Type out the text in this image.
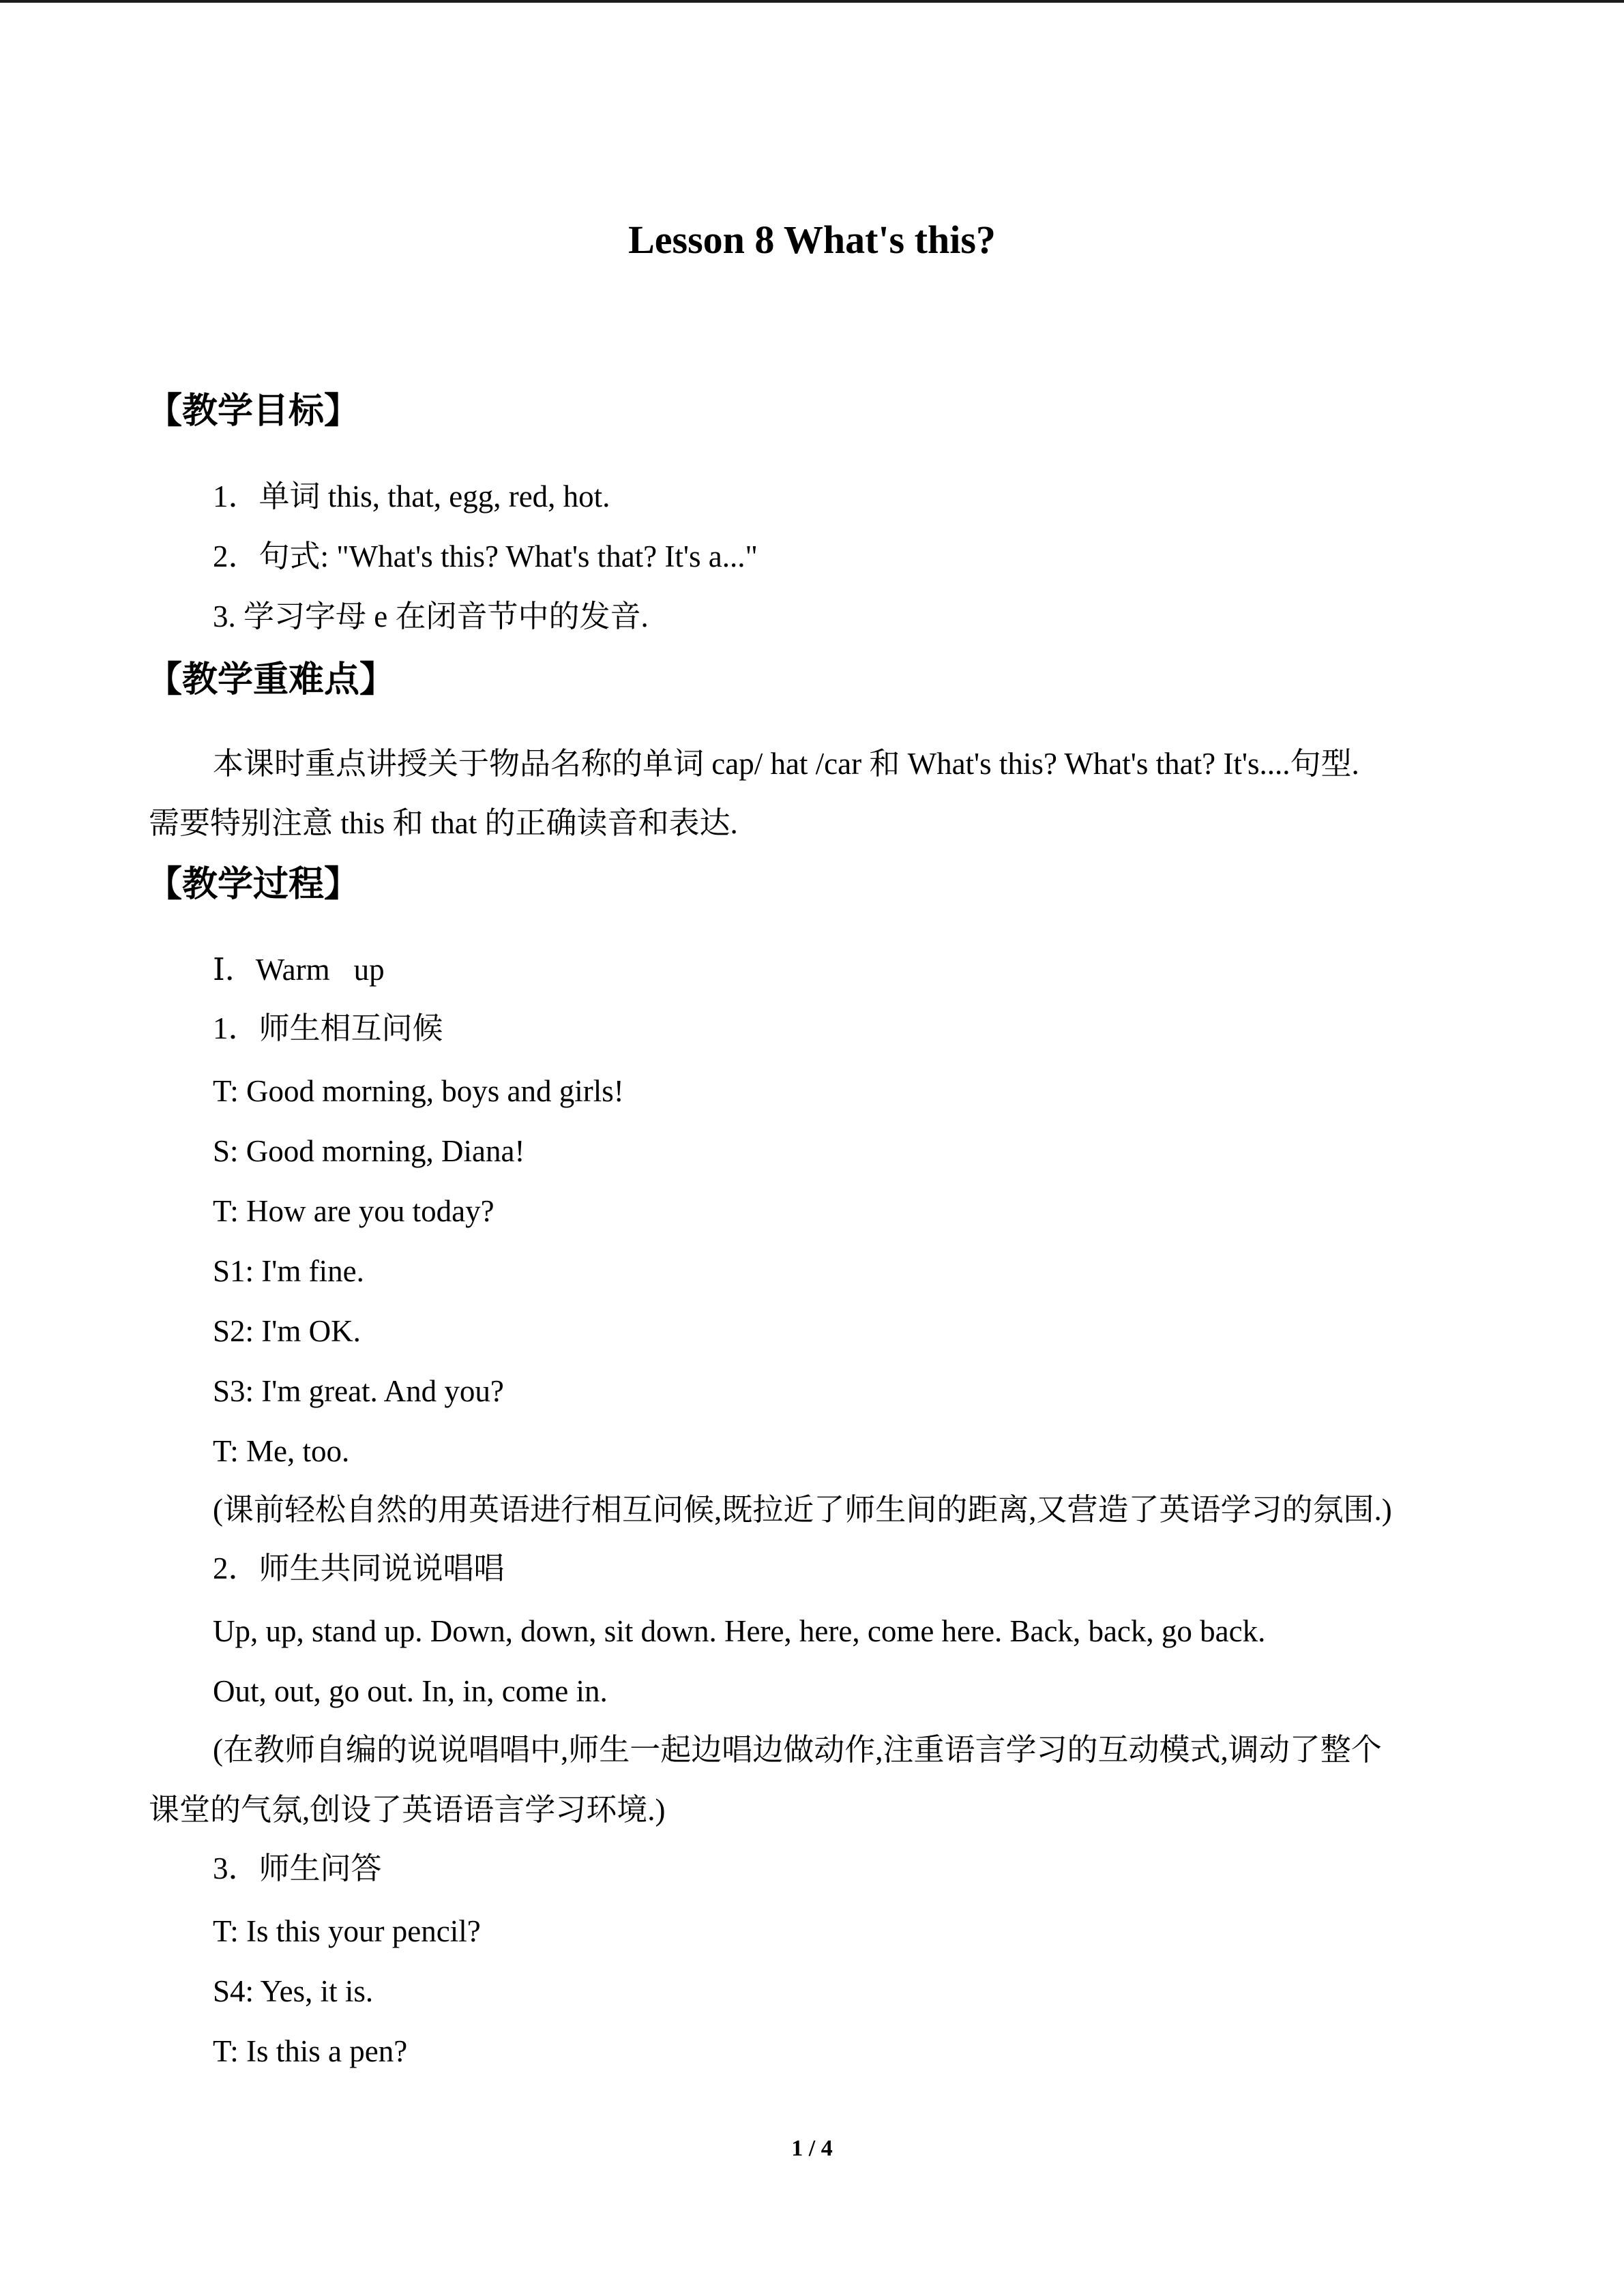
Lesson 8 What's this?
【教学目标】
1．单词 this, that, egg, red, hot.
2．句式: "What's this? What's that? It's a..."
3. 学习字母 e 在闭音节中的发音.
【教学重难点】
本课时重点讲授关于物品名称的单词 cap/ hat /car 和 What's this? What's that? It's....句型.
需要特别注意 this 和 that 的正确读音和表达.
【教学过程】
Ⅰ．Warm up
1．师生相互问候
T: Good morning, boys and girls!
S: Good morning, Diana!
T: How are you today?
S1: I'm fine.
S2: I'm OK.
S3: I'm great. And you?
T: Me, too.
(课前轻松自然的用英语进行相互问候,既拉近了师生间的距离,又营造了英语学习的氛围.)
2．师生共同说说唱唱
Up, up, stand up. Down, down, sit down. Here, here, come here. Back, back, go back.
Out, out, go out. In, in, come in.
(在教师自编的说说唱唱中,师生一起边唱边做动作,注重语言学习的互动模式,调动了整个
课堂的气氛,创设了英语语言学习环境.)
3．师生问答
T: Is this your pencil?
S4: Yes, it is.
T: Is this a pen?
1 / 4
